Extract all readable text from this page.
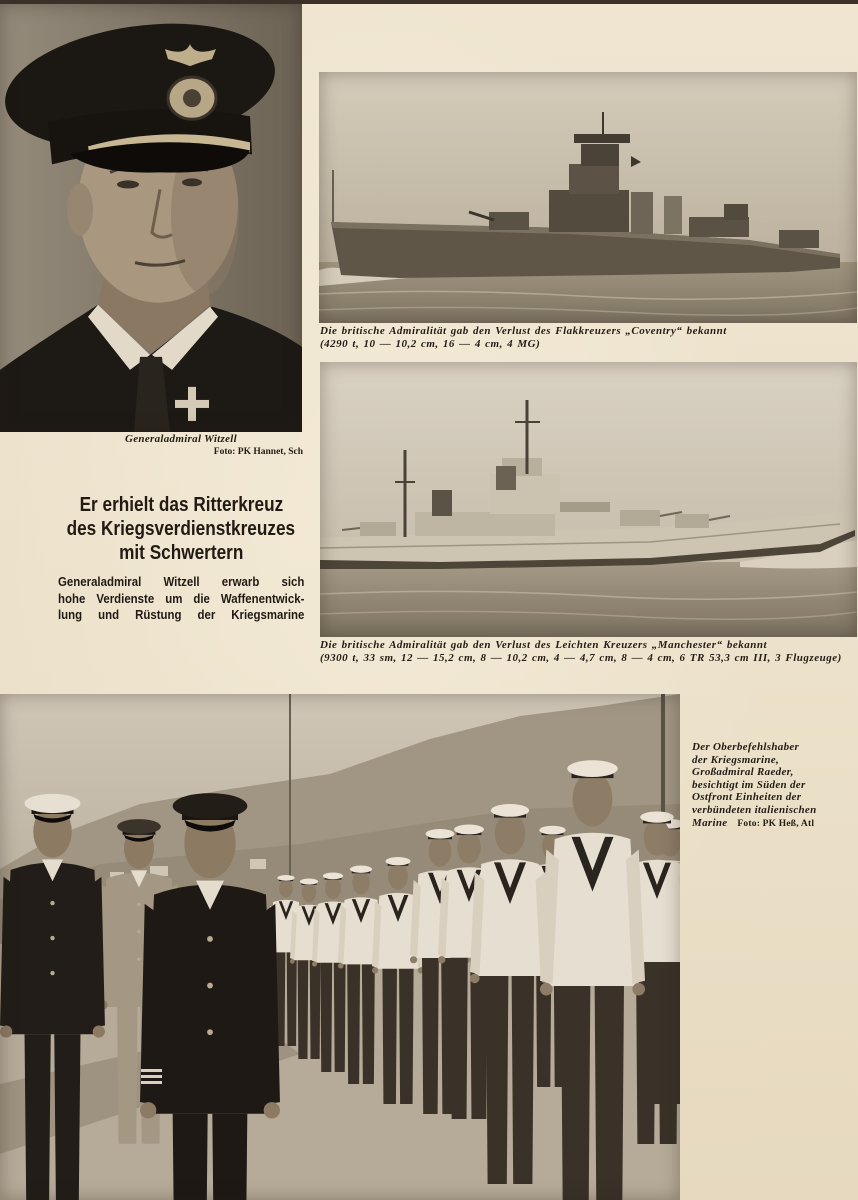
Generaladmiral Witzell
Foto: PK Hannet, Sch
Er erhielt das Ritterkreuz
des Kriegsverdienstkreuzes
mit Schwertern
Generaladmiral Witzell erwarb sich
hohe Verdienste um die Waffenentwick-
lung und Rüstung der Kriegsmarine
Die britische Admiralität gab den Verlust des Flakkreuzers „Coventry“ bekannt
(4290 t, 10 — 10,2 cm, 16 — 4 cm, 4 MG)
Die britische Admiralität gab den Verlust des Leichten Kreuzers „Manchester“ bekannt
(9300 t, 33 sm, 12 — 15,2 cm, 8 — 10,2 cm, 4 — 4,7 cm, 8 — 4 cm, 6 TR 53,3 cm III, 3 Flugzeuge)
Der Oberbefehlshaber
der Kriegsmarine,
Großadmiral Raeder,
besichtigt im Süden der
Ostfront Einheiten der
verbündeten italienischen
Marine Foto: PK Heß, Atl
